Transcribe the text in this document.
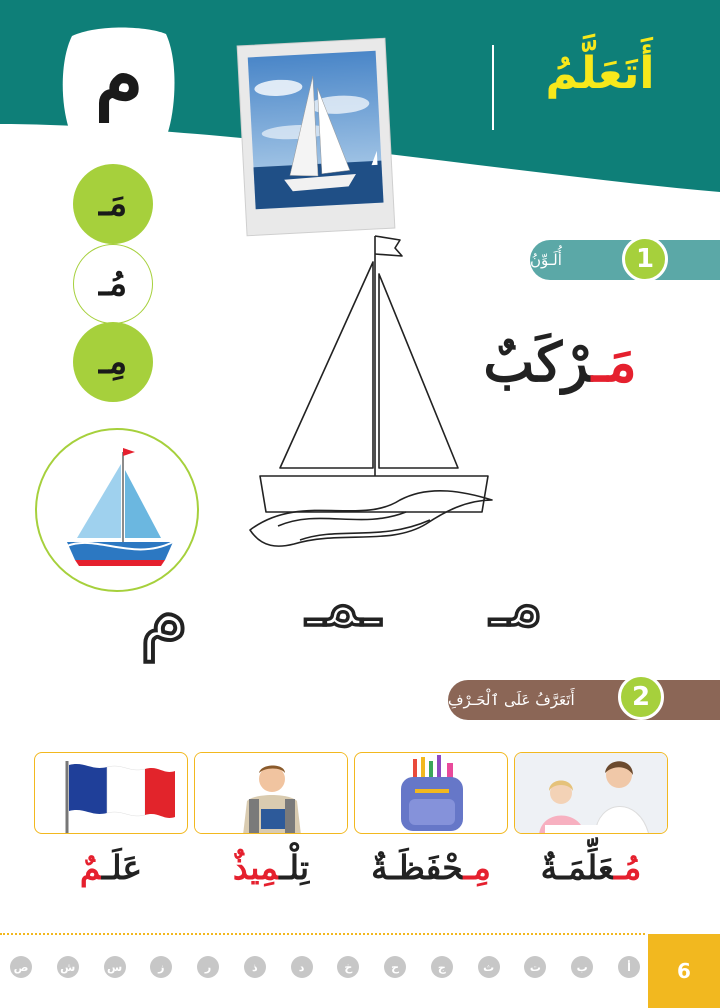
م	أَتَعَلَّمُ
مَـ
مُـ
مِـ
أُلَـوِّنُ	1
مَـرْكَبٌ
مـ
ـمـ
م
أَتَعَرَّفُ عَلَى ٱلْحَـرْفِ	2
عَلَـمٌ	تِلْـمِيذٌ	مِـحْفَظَـةٌ	مُـعَلِّمَـةٌ
أ
ب
ت
ث
ج
ح
خ
د
ذ
ر
ز
س
ش
ص	6
